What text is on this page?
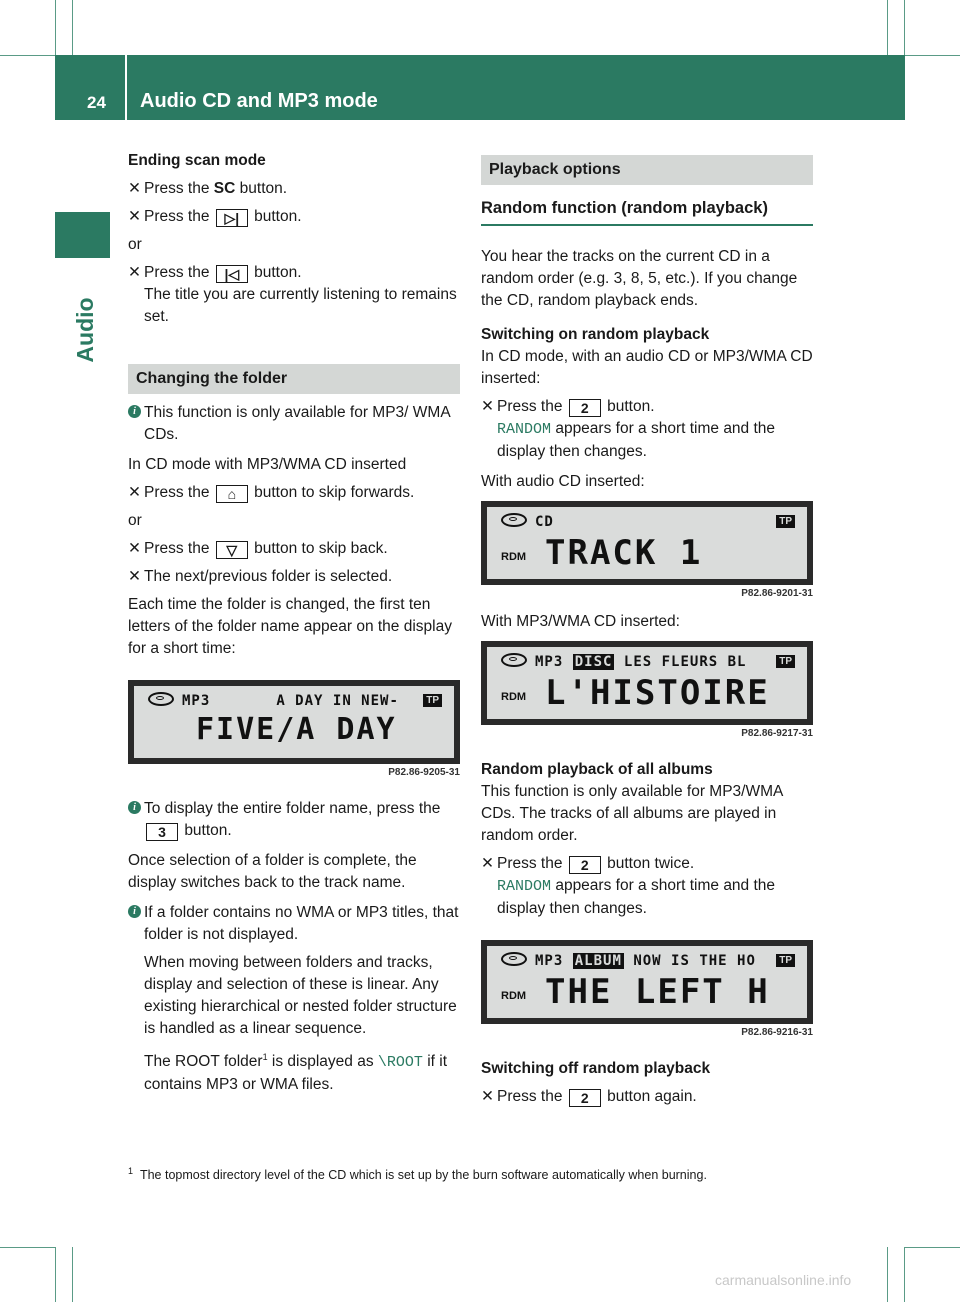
24 Audio CD and MP3 mode
Audio

Ending scan mode

✕ Press the SC button.

✕ Press the ▷| button.

or

✕ Press the |◁ button.

The title you are currently listening to remains set.

Changing the folder

i This function is only available for MP3/ WMA CDs.

In CD mode with MP3/WMA CD inserted

✕ Press the ⌂ button to skip forwards.

or

✕ Press the ▽ button to skip back.

✕ The next/previous folder is selected.

Each time the folder is changed, the first ten letters of the folder name appear on the display for a short time:

MP3	A DAY IN NEW-	TP
FIVE/A DAY
P82.86-9205-31

i To display the entire folder name, press the 3 button.

Once selection of a folder is complete, the display switches back to the track name.

i If a folder contains no WMA or MP3 titles, that folder is not displayed.

When moving between folders and tracks, display and selection of these is linear. Any existing hierarchical or nested folder structure is handled as a linear sequence.

The ROOT folder$^1$ is displayed as \ROOT if it contains MP3 or WMA files.

Playback options
Random function (random playback)

You hear the tracks on the current CD in a random order (e.g. 3, 8, 5, etc.). If you change the CD, random playback ends.

Switching on random playback

In CD mode, with an audio CD or MP3/WMA CD inserted:

✕ Press the 2 button.

RANDOM appears for a short time and the display then changes.

With audio CD inserted:

CD	TP
RDM TRACK 1
P82.86-9201-31

With MP3/WMA CD inserted:

MP3 DISC LES FLEURS BL	TP
RDM L'HISTOIRE
P82.86-9217-31

Random playback of all albums

This function is only available for MP3/WMA CDs. The tracks of all albums are played in random order.

✕ Press the 2 button twice.

RANDOM appears for a short time and the display then changes.

MP3 ALBUM NOW IS THE HO	TP
RDM THE LEFT H
P82.86-9216-31

Switching off random playback

✕ Press the 2 button again.

$^1$ The topmost directory level of the CD which is set up by the burn software automatically when burning.
carmanualsonline.info
